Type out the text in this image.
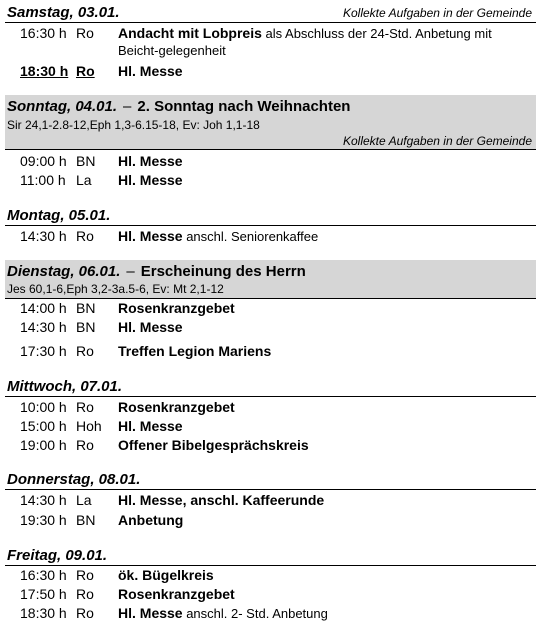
Samstag, 03.01.	Kollekte Aufgaben in der Gemeinde
16:30 h Ro Andacht mit Lobpreis als Abschluss der 24-Std. Anbetung mit Beicht-gelegenheit
18:30 h Ro Hl. Messe
Sonntag, 04.01. – 2. Sonntag nach Weihnachten
Sir 24,1-2.8-12,Eph 1,3-6.15-18, Ev: Joh 1,1-18
Kollekte Aufgaben in der Gemeinde
09:00 h BN Hl. Messe
11:00 h La Hl. Messe
Montag, 05.01.
14:30 h Ro Hl. Messe anschl. Seniorenkaffee
Dienstag, 06.01. – Erscheinung des Herrn
Jes 60,1-6,Eph 3,2-3a.5-6, Ev: Mt 2,1-12
14:00 h BN Rosenkranzgebet
14:30 h BN Hl. Messe
17:30 h Ro Treffen Legion Mariens
Mittwoch, 07.01.
10:00 h Ro Rosenkranzgebet
15:00 h Hoh Hl. Messe
19:00 h Ro Offener Bibelgesprächskreis
Donnerstag, 08.01.
14:30 h La Hl. Messe, anschl. Kaffeerunde
19:30 h BN Anbetung
Freitag, 09.01.
16:30 h Ro ök. Bügelkreis
17:50 h Ro Rosenkranzgebet
18:30 h Ro Hl. Messe anschl. 2- Std. Anbetung
